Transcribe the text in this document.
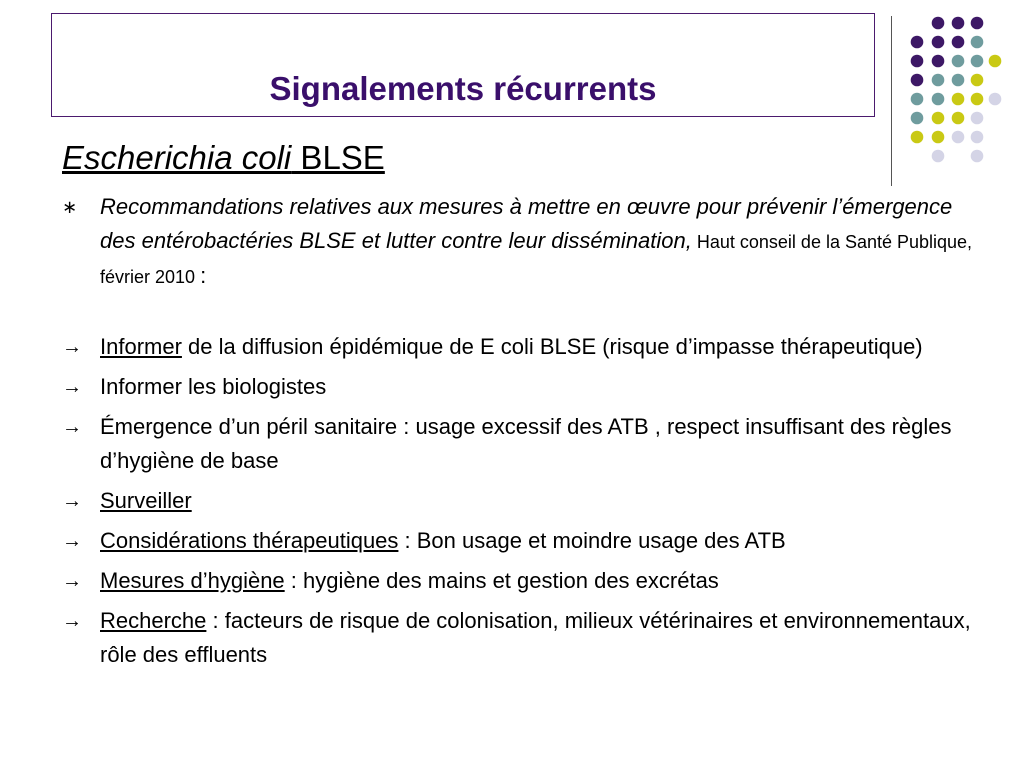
Signalements récurrents
Escherichia coli BLSE
∗ Recommandations relatives aux mesures à mettre en œuvre pour prévenir l’émergence des entérobactéries BLSE et lutter contre leur dissémination, Haut conseil de la Santé Publique, février 2010 :
→ Informer de la diffusion épidémique de E coli BLSE (risque d’impasse thérapeutique)
→ Informer les biologistes
→ Émergence d’un péril sanitaire : usage excessif des ATB , respect insuffisant des règles d’hygiène de base
→ Surveiller
→ Considérations thérapeutiques : Bon usage et moindre usage des ATB
→ Mesures d’hygiène : hygiène des mains et gestion des excrétas
→ Recherche : facteurs de risque de colonisation, milieux vétérinaires et environnementaux, rôle des effluents
